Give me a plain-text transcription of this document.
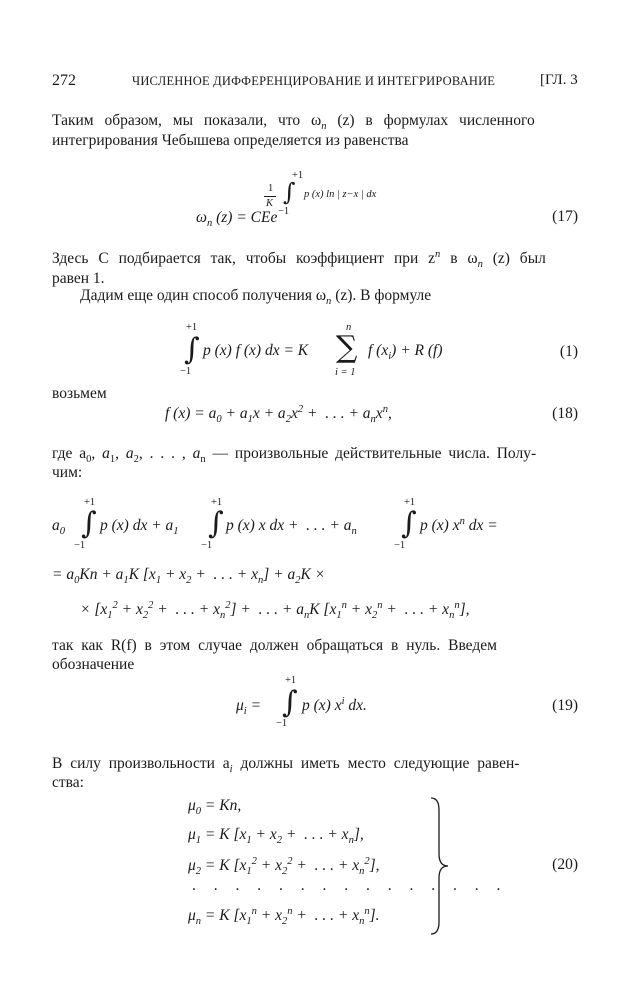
272	ЧИСЛЕННОЕ ДИФФЕРЕНЦИРОВАНИЕ И ИНТЕГРИРОВАНИЕ	[ГЛ. 3
Таким образом, мы показали, что $\omega_n$ (z) в формулах численного
интегрирования Чебышева определяется из равенства
1
K ∫
+1
−1
p (x) ln | z−x | dx
$\omega_n$ (z) = CEe	(17)
Здесь C подбирается так, чтобы коэффициент при $z^n$ в $\omega_n$ (z) был
равен 1.
Дадим еще один способ получения $\omega_n$ (z). В формуле
+1
∫
−1
p (x) f (x) dx = K
n
∑
i = 1
f $(x_i) + R$ (f)	(1)
возьмем
f $(x) = a_0 + a_1x + a_2x^2$ +  . . . + $a_nx^n$,	(18)
где $a_0$, $a_1$, $a_2$, . . . , $a_n$ — произвольные действительные числа. Полу-
чим:
$a_0$
+1
∫
−1
p (x) dx + $a_1$
+1
∫
−1
p (x) x dx +  . . . + $a_n$
+1
∫
−1
p (x) $x^n$ dx =
= $a_0Kn + a_1K$ [$x_1 + x_2$ +  . . . + $x_n] + a_2K$ ×
× [$x_1^2 + x_2^2$ +  . . . + $x_n^2$] +  . . . + $a_nK$ [$x_1^n + x_2^n$ +  . . . + $x_n^n$],
так как R(f) в этом случае должен обращаться в нуль. Введем
обозначение
$\mu_i$ =
+1
∫
−1
p (x) $x^i$ dx.	(19)
В силу произвольности $a_i$ должны иметь место следующие равен-
ства:
$\mu_0 = Kn$,
$\mu_1 = K$ [$x_1 + x_2$ +  . . . + $x_n$],
$\mu_2 = K$ [$x_1^2 + x_2^2$ +  . . . + $x_n^2$],
. . . . . . . . . . . . . . .
$\mu_n = K$ [$x_1^n + x_2^n$ +  . . . + $x_n^n$].
(20)
